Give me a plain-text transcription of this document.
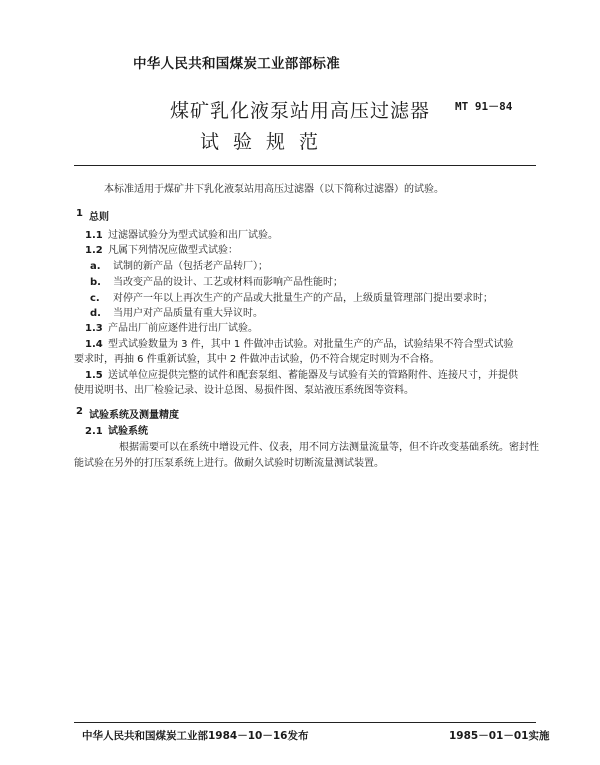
中华人民共和国煤炭工业部部标准
煤矿乳化液泵站用高压过滤器
试验规范
MT 91－84
本标准适用于煤矿井下乳化液泵站用高压过滤器（以下简称过滤器）的试验。
1 总则
1.1 过滤器试验分为型式试验和出厂试验。
1.2 凡属下列情况应做型式试验：
a. 试制的新产品（包括老产品转厂）；
b. 当改变产品的设计、工艺或材料而影响产品性能时；
c. 对停产一年以上再次生产的产品或大批量生产的产品，上级质量管理部门提出要求时；
d. 当用户对产品质量有重大异议时。
1.3 产品出厂前应逐件进行出厂试验。
1.4 型式试验数量为 3 件，其中 1 件做冲击试验。对批量生产的产品，试验结果不符合型式试验
要求时，再抽 6 件重新试验，其中 2 件做冲击试验，仍不符合规定时则为不合格。
1.5 送试单位应提供完整的试件和配套泵组、蓄能器及与试验有关的管路附件、连接尺寸，并提供
使用说明书、出厂检验记录、设计总图、易损件图、泵站液压系统图等资料。
2 试验系统及测量精度
2.1 试验系统
根据需要可以在系统中增设元件、仪表，用不同方法测量流量等，但不许改变基础系统。密封性
能试验在另外的打压泵系统上进行。做耐久试验时切断流量测试装置。
中华人民共和国煤炭工业部1984－10－16发布	1985－01－01实施
